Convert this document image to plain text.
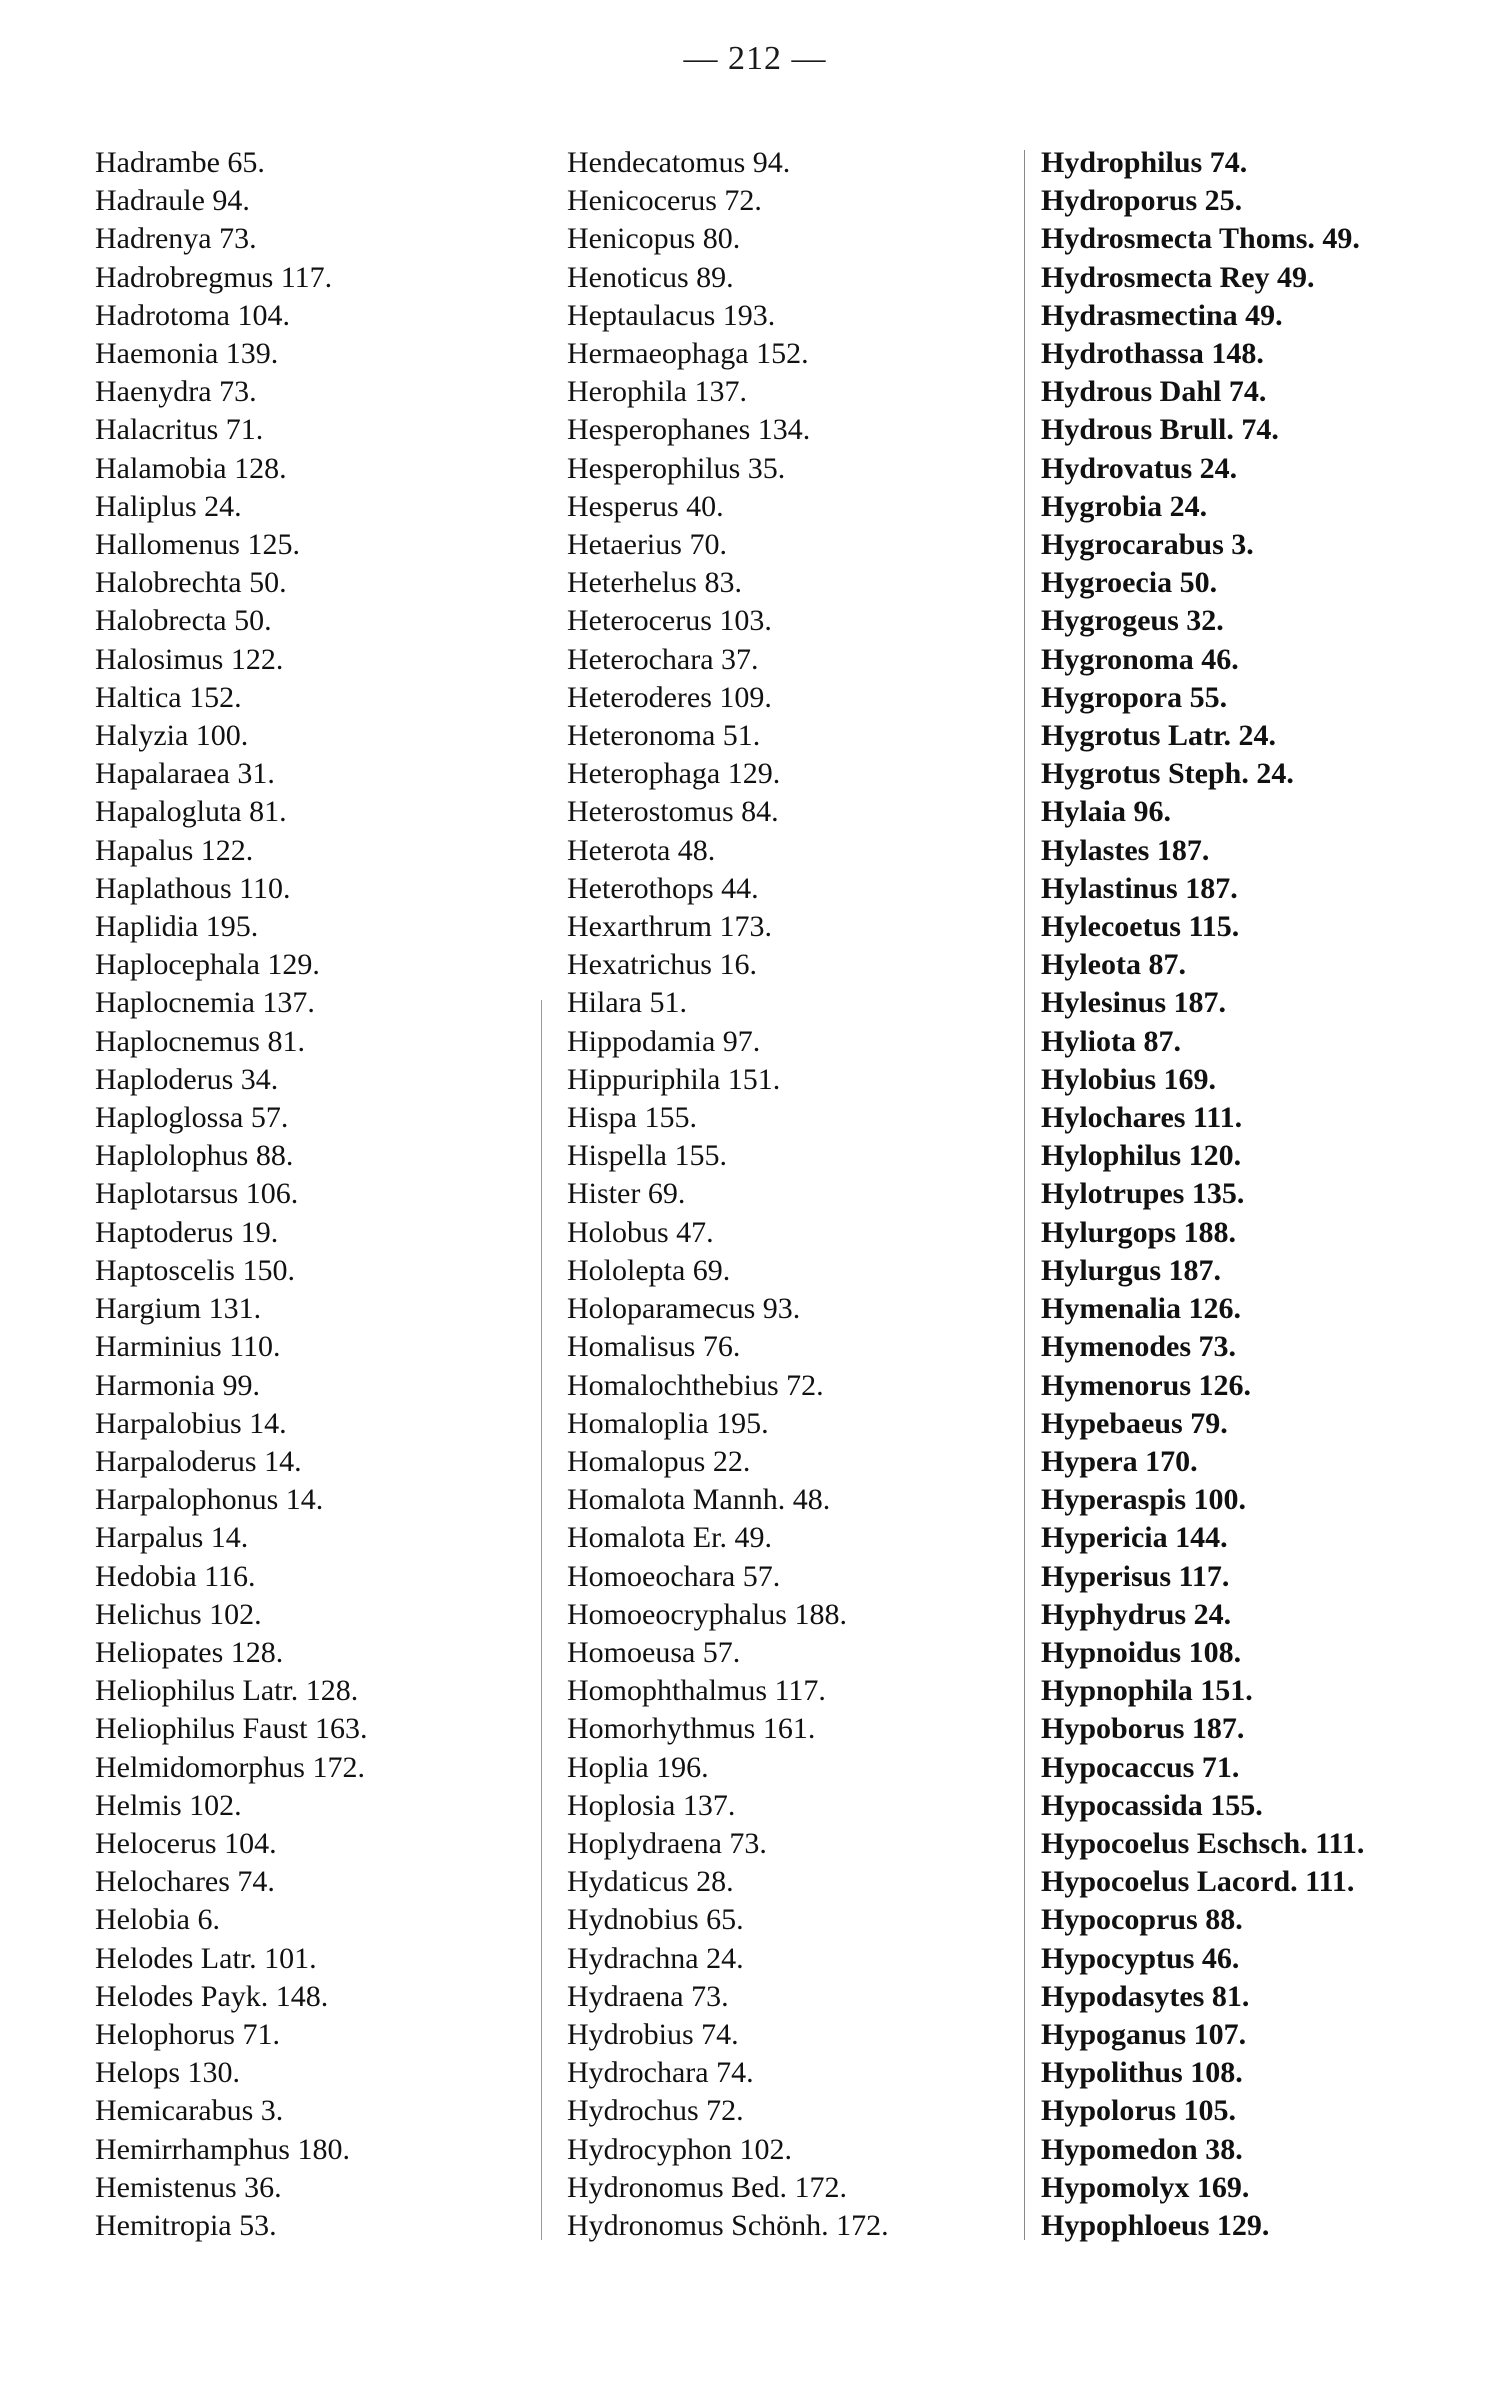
— 212 —
Hadrambe 65.
Hadraule 94.
Hadrenya 73.
Hadrobregmus 117.
Hadrotoma 104.
Haemonia 139.
Haenydra 73.
Halacritus 71.
Halamobia 128.
Haliplus 24.
Hallomenus 125.
Halobrechta 50.
Halobrecta 50.
Halosimus 122.
Haltica 152.
Halyzia 100.
Hapalaraea 31.
Hapalogluta 81.
Hapalus 122.
Haplathous 110.
Haplidia 195.
Haplocephala 129.
Haplocnemia 137.
Haplocnemus 81.
Haploderus 34.
Haploglossa 57.
Haplolophus 88.
Haplotarsus 106.
Haptoderus 19.
Haptoscelis 150.
Hargium 131.
Harminius 110.
Harmonia 99.
Harpalobius 14.
Harpaloderus 14.
Harpalophonus 14.
Harpalus 14.
Hedobia 116.
Helichus 102.
Heliopates 128.
Heliophilus Latr. 128.
Heliophilus Faust 163.
Helmidomorphus 172.
Helmis 102.
Helocerus 104.
Helochares 74.
Helobia 6.
Helodes Latr. 101.
Helodes Payk. 148.
Helophorus 71.
Helops 130.
Hemicarabus 3.
Hemirrhamphus 180.
Hemistenus 36.
Hemitropia 53.
Hendecatomus 94.
Henicocerus 72.
Henicopus 80.
Henoticus 89.
Heptaulacus 193.
Hermaeophaga 152.
Herophila 137.
Hesperophanes 134.
Hesperophilus 35.
Hesperus 40.
Hetaerius 70.
Heterhelus 83.
Heterocerus 103.
Heterochara 37.
Heteroderes 109.
Heteronoma 51.
Heterophaga 129.
Heterostomus 84.
Heterota 48.
Heterothops 44.
Hexarthrum 173.
Hexatrichus 16.
Hilara 51.
Hippodamia 97.
Hippuriphila 151.
Hispa 155.
Hispella 155.
Hister 69.
Holobus 47.
Hololepta 69.
Holoparamecus 93.
Homalisus 76.
Homalochthebius 72.
Homaloplia 195.
Homalopus 22.
Homalota Mannh. 48.
Homalota Er. 49.
Homoeochara 57.
Homoeocryphalus 188.
Homoeusa 57.
Homophthalmus 117.
Homorhythmus 161.
Hoplia 196.
Hoplosia 137.
Hoplydraena 73.
Hydaticus 28.
Hydnobius 65.
Hydrachna 24.
Hydraena 73.
Hydrobius 74.
Hydrochara 74.
Hydrochus 72.
Hydrocyphon 102.
Hydronomus Bed. 172.
Hydronomus Schönh. 172.
Hydrophilus 74.
Hydroporus 25.
Hydrosmecta Thoms. 49.
Hydrosmecta Rey 49.
Hydrasmectina 49.
Hydrothassa 148.
Hydrous Dahl 74.
Hydrous Brull. 74.
Hydrovatus 24.
Hygrobia 24.
Hygrocarabus 3.
Hygroecia 50.
Hygrogeus 32.
Hygronoma 46.
Hygropora 55.
Hygrotus Latr. 24.
Hygrotus Steph. 24.
Hylaia 96.
Hylastes 187.
Hylastinus 187.
Hylecoetus 115.
Hyleota 87.
Hylesinus 187.
Hyliota 87.
Hylobius 169.
Hylochares 111.
Hylophilus 120.
Hylotrupes 135.
Hylurgops 188.
Hylurgus 187.
Hymenalia 126.
Hymenodes 73.
Hymenorus 126.
Hypebaeus 79.
Hypera 170.
Hyperaspis 100.
Hypericia 144.
Hyperisus 117.
Hyphydrus 24.
Hypnoidus 108.
Hypnophila 151.
Hypoborus 187.
Hypocaccus 71.
Hypocassida 155.
Hypocoelus Eschsch. 111.
Hypocoelus Lacord. 111.
Hypocoprus 88.
Hypocyptus 46.
Hypodasytes 81.
Hypoganus 107.
Hypolithus 108.
Hypolorus 105.
Hypomedon 38.
Hypomolyx 169.
Hypophloeus 129.
